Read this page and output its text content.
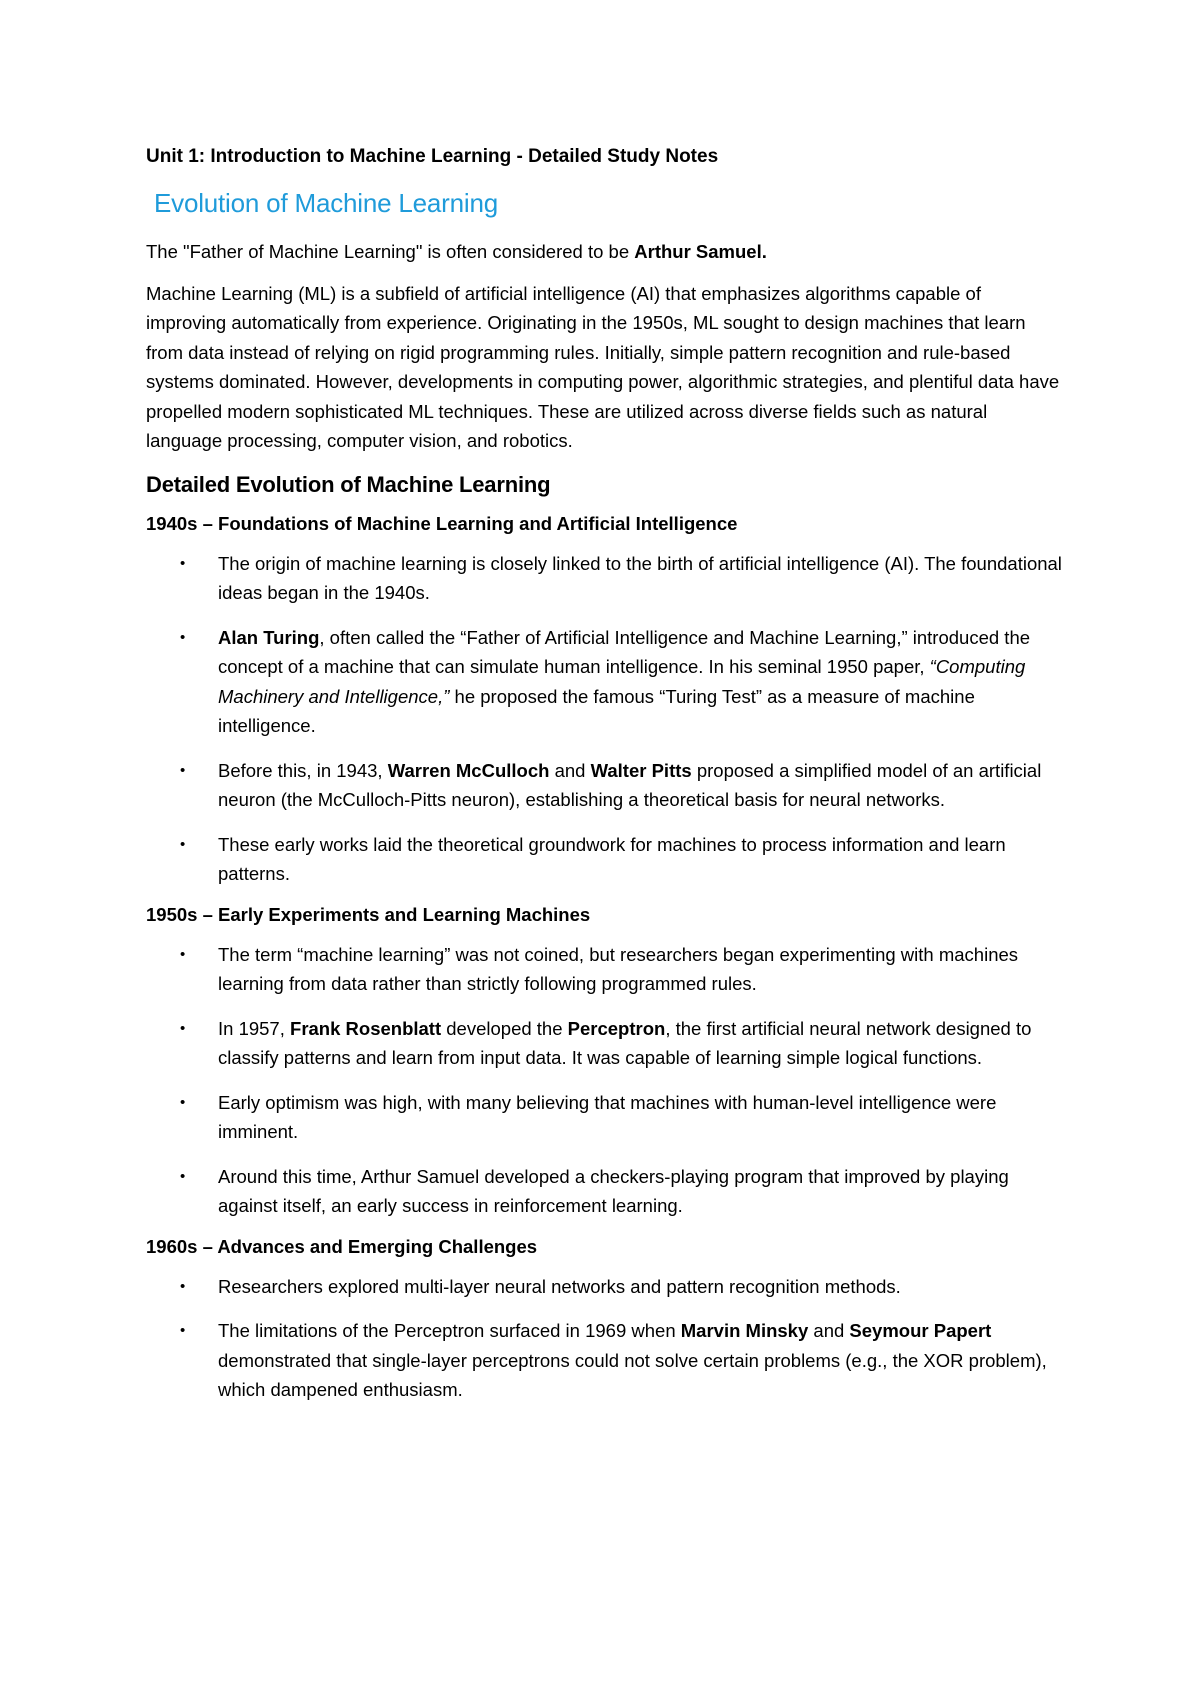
Unit 1: Introduction to Machine Learning - Detailed Study Notes
Evolution of Machine Learning

The "Father of Machine Learning" is often considered to be Arthur Samuel.

Machine Learning (ML) is a subfield of artificial intelligence (AI) that emphasizes algorithms capable of improving automatically from experience. Originating in the 1950s, ML sought to design machines that learn from data instead of relying on rigid programming rules. Initially, simple pattern recognition and rule-based systems dominated. However, developments in computing power, algorithmic strategies, and plentiful data have propelled modern sophisticated ML techniques. These are utilized across diverse fields such as natural language processing, computer vision, and robotics.

Detailed Evolution of Machine Learning
1940s – Foundations of Machine Learning and Artificial Intelligence
• The origin of machine learning is closely linked to the birth of artificial intelligence (AI). The foundational ideas began in the 1940s.
• Alan Turing, often called the “Father of Artificial Intelligence and Machine Learning,” introduced the concept of a machine that can simulate human intelligence. In his seminal 1950 paper, “Computing Machinery and Intelligence,” he proposed the famous “Turing Test” as a measure of machine intelligence.
• Before this, in 1943, Warren McCulloch and Walter Pitts proposed a simplified model of an artificial neuron (the McCulloch-Pitts neuron), establishing a theoretical basis for neural networks.
• These early works laid the theoretical groundwork for machines to process information and learn patterns.
1950s – Early Experiments and Learning Machines
• The term “machine learning” was not coined, but researchers began experimenting with machines learning from data rather than strictly following programmed rules.
• In 1957, Frank Rosenblatt developed the Perceptron, the first artificial neural network designed to classify patterns and learn from input data. It was capable of learning simple logical functions.
• Early optimism was high, with many believing that machines with human-level intelligence were imminent.
• Around this time, Arthur Samuel developed a checkers-playing program that improved by playing against itself, an early success in reinforcement learning.
1960s – Advances and Emerging Challenges
• Researchers explored multi-layer neural networks and pattern recognition methods.
• The limitations of the Perceptron surfaced in 1969 when Marvin Minsky and Seymour Papert demonstrated that single-layer perceptrons could not solve certain problems (e.g., the XOR problem), which dampened enthusiasm.
